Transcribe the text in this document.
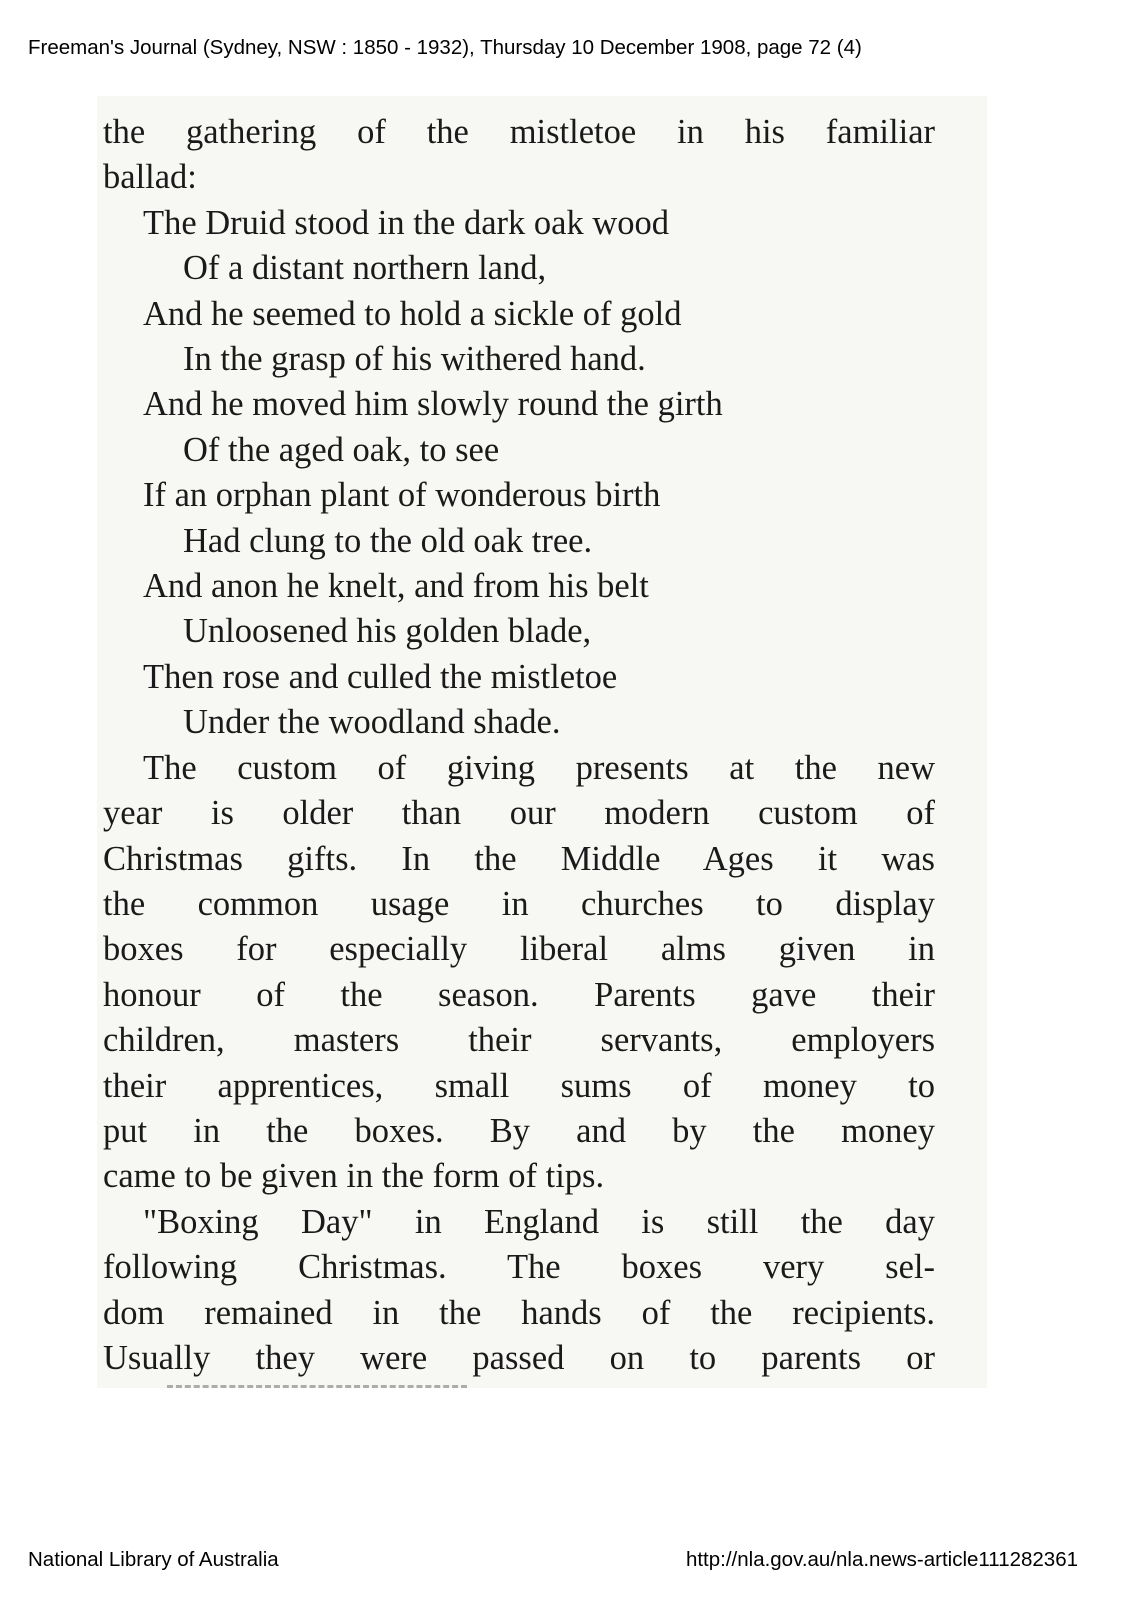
Freeman's Journal (Sydney, NSW : 1850 - 1932), Thursday 10 December 1908, page 72 (4)
the gathering of the mistletoe in his familiar
ballad:
The Druid stood in the dark oak wood
Of a distant northern land,
And he seemed to hold a sickle of gold
In the grasp of his withered hand.
And he moved him slowly round the girth
Of the aged oak, to see
If an orphan plant of wonderous birth
Had clung to the old oak tree.
And anon he knelt, and from his belt
Unloosened his golden blade,
Then rose and culled the mistletoe
Under the woodland shade.
The custom of giving presents at the new
year is older than our modern custom of
Christmas gifts. In the Middle Ages it was
the common usage in churches to display
boxes for especially liberal alms given in
honour of the season. Parents gave their
children, masters their servants, employers
their apprentices, small sums of money to
put in the boxes. By and by the money
came to be given in the form of tips.
"Boxing Day" in England is still the day
following Christmas. The boxes very sel-
dom remained in the hands of the recipients.
Usually they were passed on to parents or
National Library of Australia	http://nla.gov.au/nla.news-article111282361
